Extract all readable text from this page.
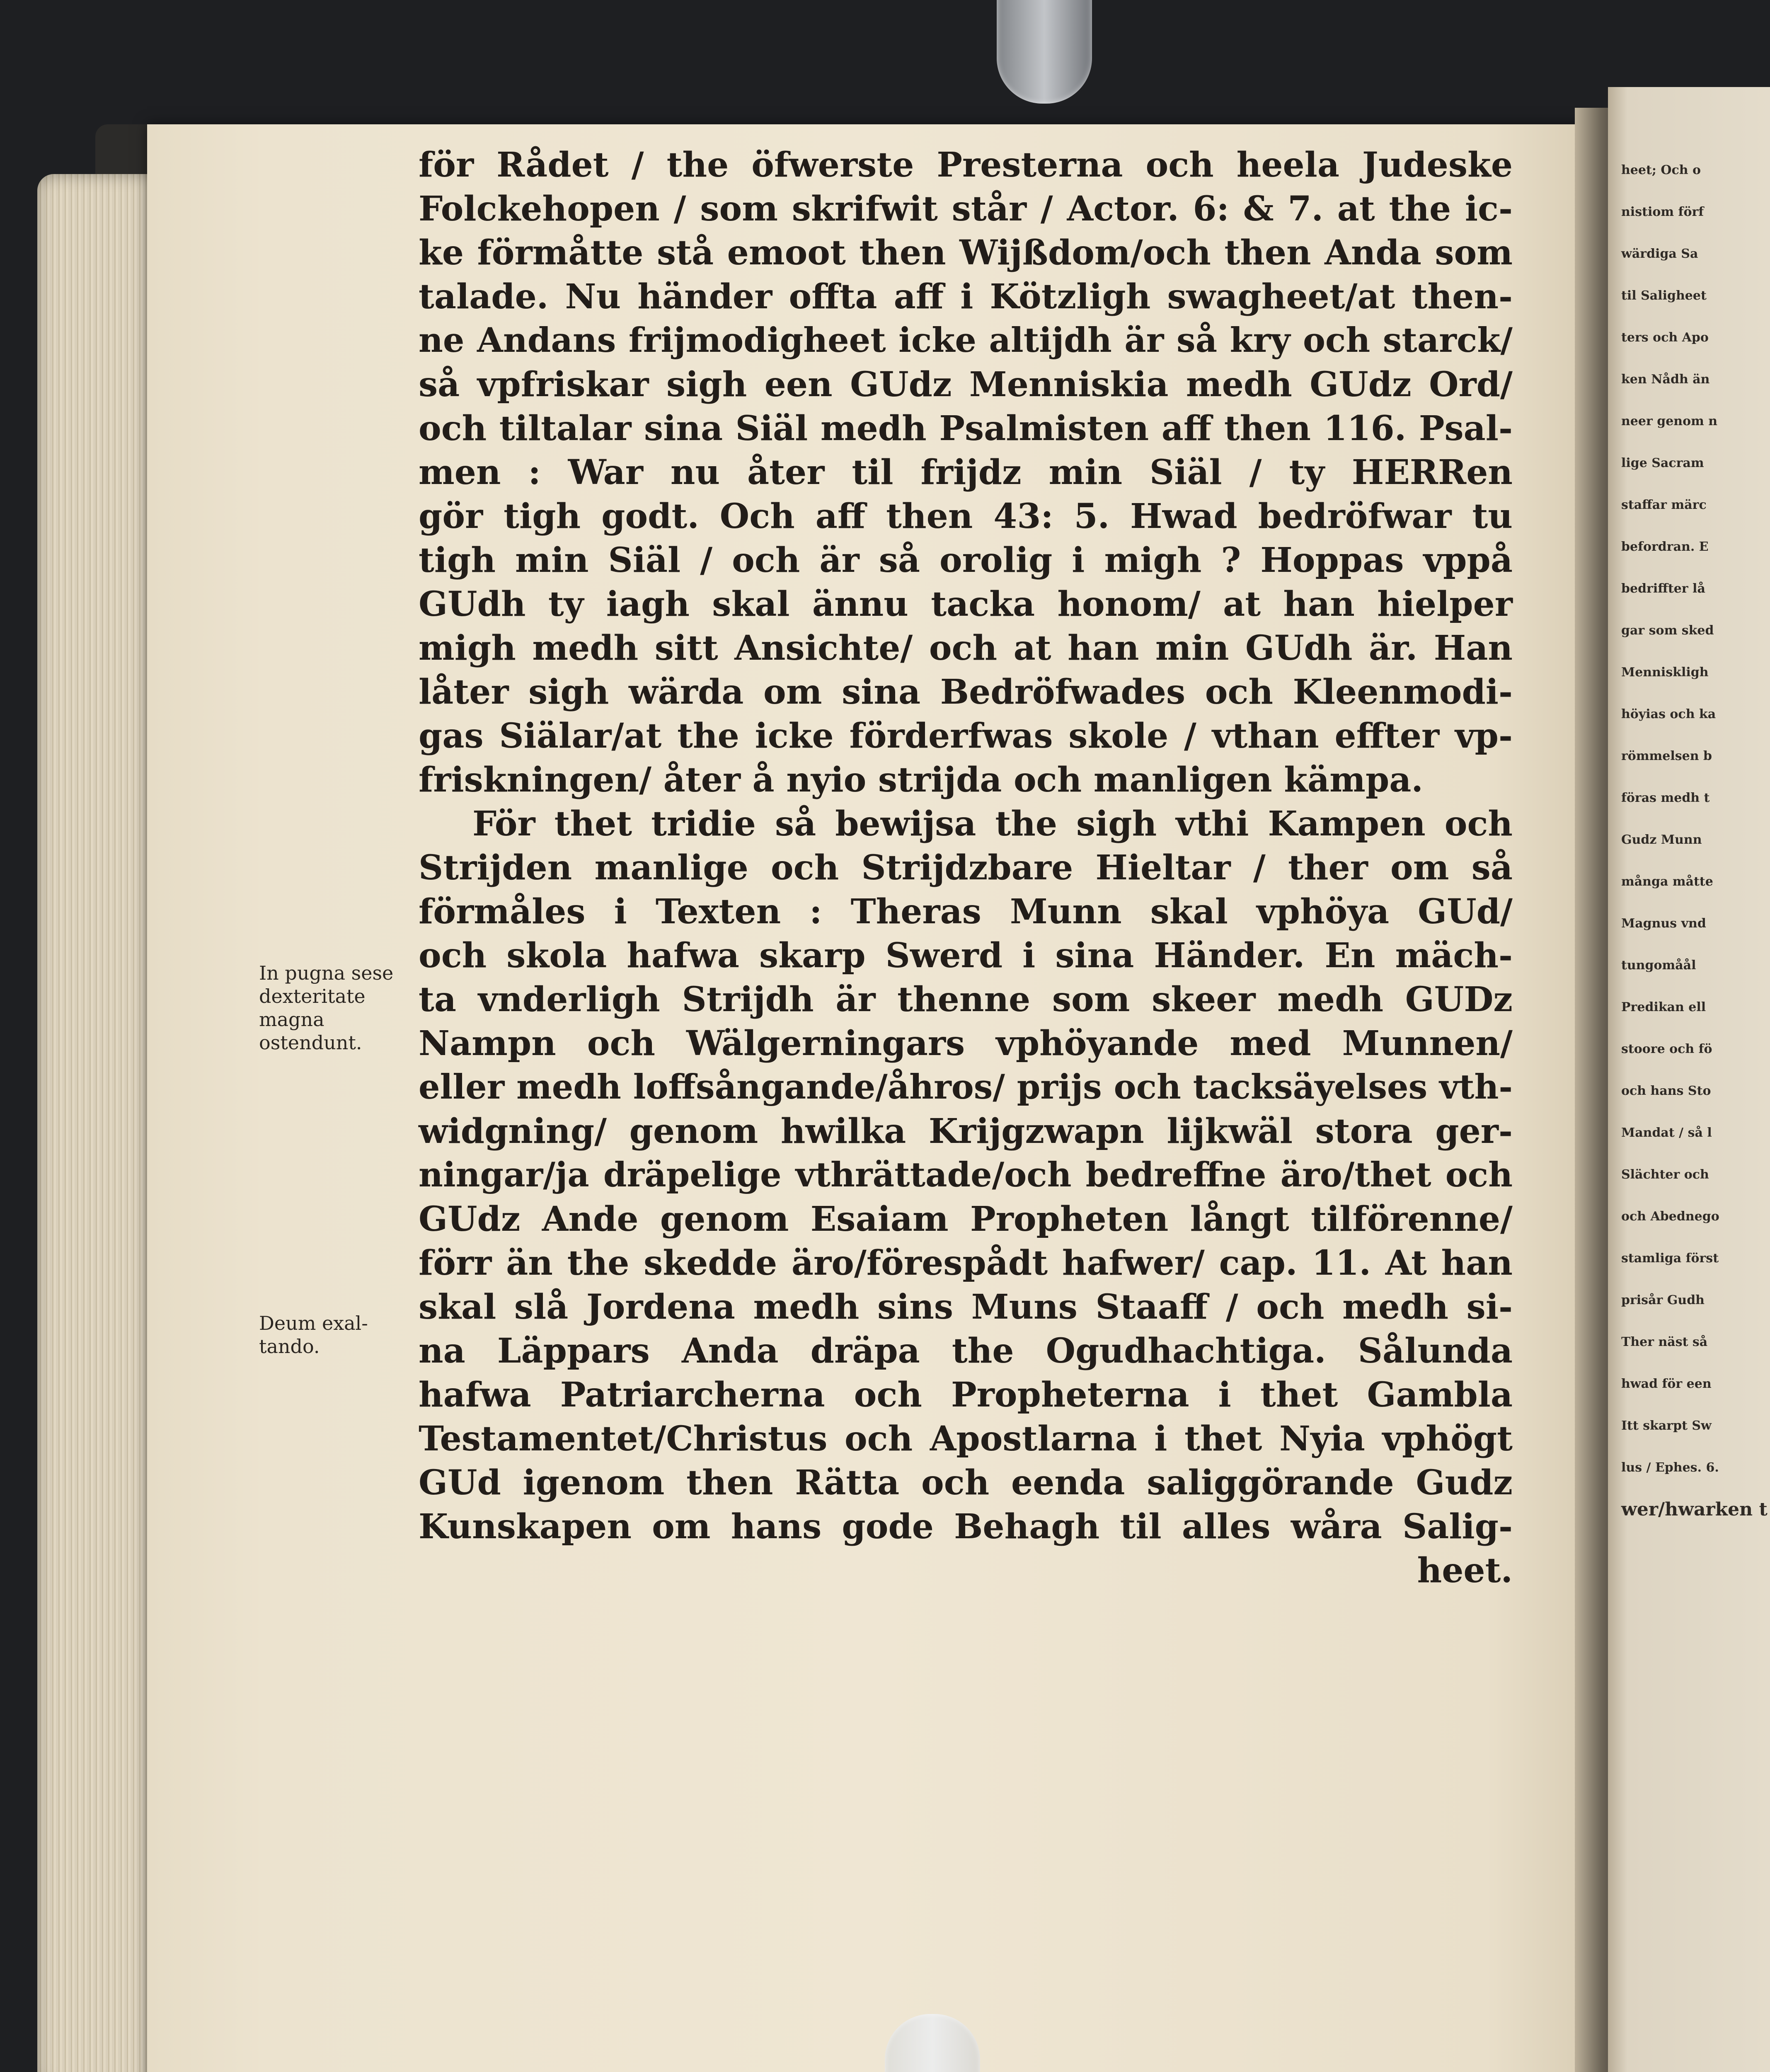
In pugna sese
dexteritate
magna
ostendunt.
Deum exal-
tando.
för Rådet / the öfwerste Presterna och heela Judeske
Folckehopen / som skrifwit står / Actor. 6: & 7. at the ic-
ke förmåtte stå emoot then Wijßdom/och then Anda som
talade. Nu händer offta aff i Kötzligh swagheet/at then-
ne Andans frijmodigheet icke altijdh är så kry och starck/
så vpfriskar sigh een GUdz Menniskia medh GUdz Ord/
och tiltalar sina Siäl medh Psalmisten aff then 116. Psal-
men : War nu åter til frijdz min Siäl / ty HERRen
gör tigh godt. Och aff then 43: 5. Hwad bedröfwar tu
tigh min Siäl / och är så orolig i migh ? Hoppas vppå
GUdh ty iagh skal ännu tacka honom/ at han hielper
migh medh sitt Ansichte/ och at han min GUdh är. Han
låter sigh wärda om sina Bedröfwades och Kleenmodi-
gas Siälar/at the icke förderfwas skole / vthan effter vp-
friskningen/ åter å nyio strijda och manligen kämpa.
För thet tridie så bewijsa the sigh vthi Kampen och
Strijden manlige och Strijdzbare Hieltar / ther om så
förmåles i Texten : Theras Munn skal vphöya GUd/
och skola hafwa skarp Swerd i sina Händer. En mäch-
ta vnderligh Strijdh är thenne som skeer medh GUDz
Nampn och Wälgerningars vphöyande med Munnen/
eller medh loffsångande/åhros/ prijs och tacksäyelses vth-
widgning/ genom hwilka Krijgzwapn lijkwäl stora ger-
ningar/ja dräpelige vthrättade/och bedreffne äro/thet och
GUdz Ande genom Esaiam Propheten långt tilförenne/
förr än the skedde äro/förespådt hafwer/ cap. 11. At han
skal slå Jordena medh sins Muns Staaff / och medh si-
na Läppars Anda dräpa the Ogudhachtiga. Sålunda
hafwa Patriarcherna och Propheterna i thet Gambla
Testamentet/Christus och Apostlarna i thet Nyia vphögt
GUd igenom then Rätta och eenda saliggörande Gudz
Kunskapen om hans gode Behagh til alles wåra Salig-
heet.
heet; Och o
nistiom förf
wärdiga Sa
til Saligheet
ters och Apo
ken Nådh än
neer genom n
lige Sacram
staffar märc
befordran. E
bedriffter lå
gar som sked
Menniskligh
höyias och ka
römmelsen b
föras medh t
Gudz Munn
många måtte
Magnus vnd
tungomåål
Predikan ell
stoore och fö
och hans Sto
Mandat / så l
Slächter och
och Abednego
stamliga först
prisår Gudh
Ther näst så
hwad för een
Itt skarpt Sw
lus / Ephes. 6.
wer/hwarken t
